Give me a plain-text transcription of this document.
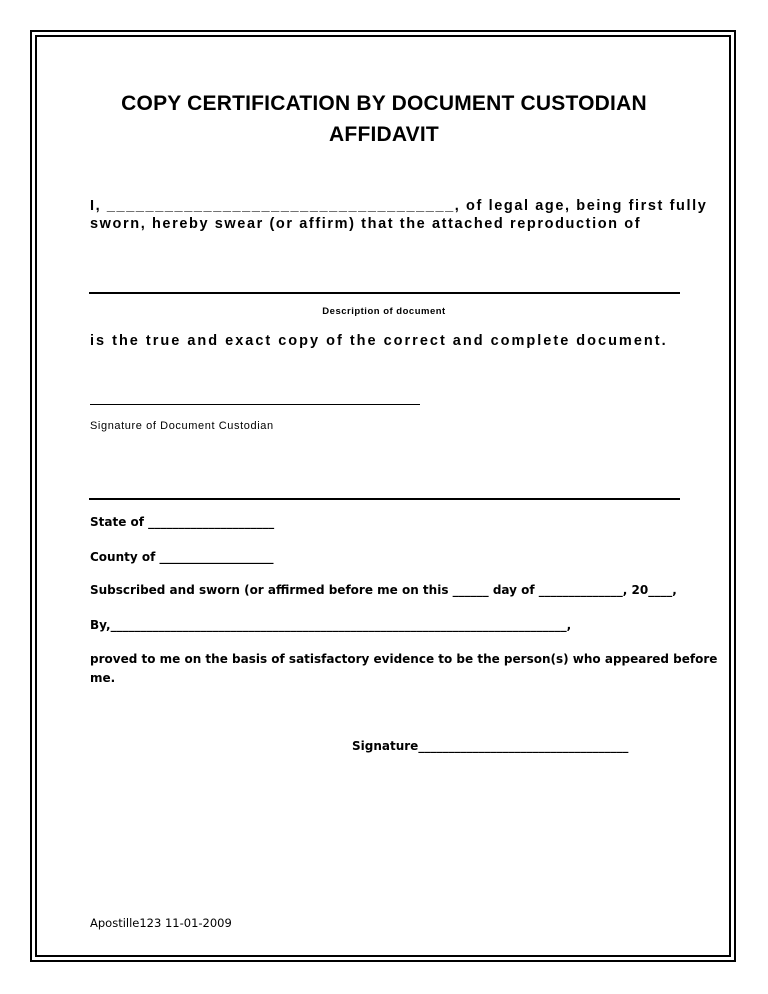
COPY CERTIFICATION BY DOCUMENT CUSTODIAN
AFFIDAVIT
I, ____________________________________, of legal age, being first fully
sworn, hereby swear (or affirm) that the attached reproduction of
Description of document
is the true and exact copy of the correct and complete document.
Signature of Document Custodian
State of _____________________
County of ___________________
Subscribed and sworn (or affirmed before me on this ______ day of ______________, 20____,
By,____________________________________________________________________________,
proved to me on the basis of satisfactory evidence to be the person(s) who appeared before
me.
Signature___________________________________
Apostille123 11-01-2009
